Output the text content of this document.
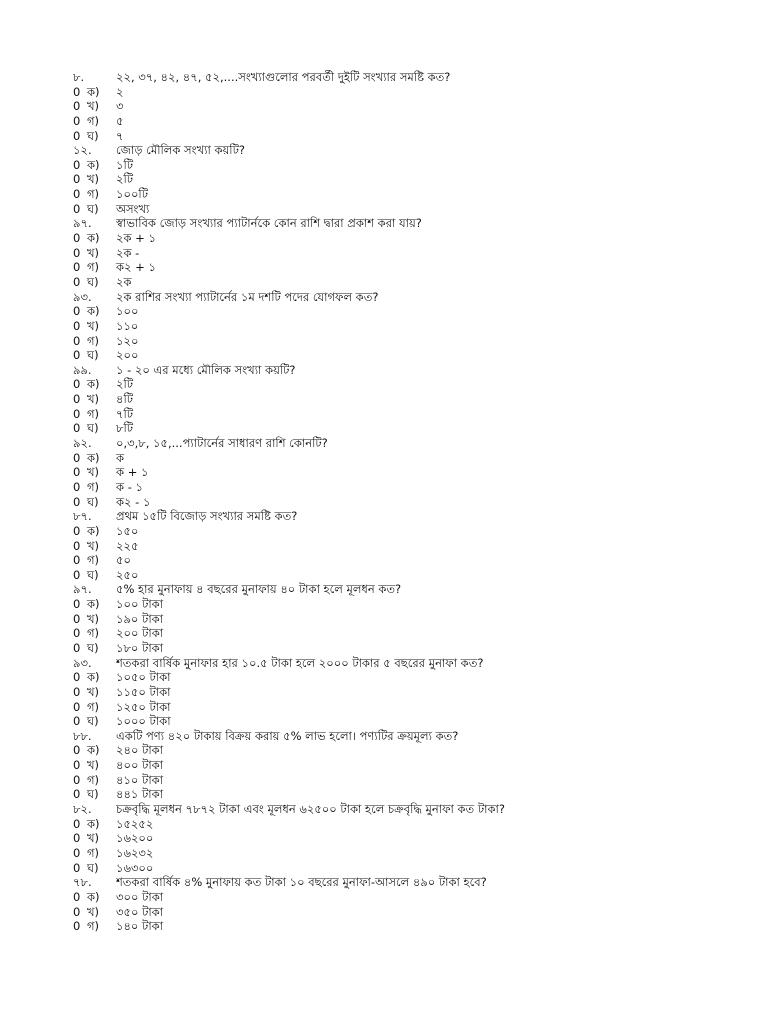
৮.	২২, ৩৭, ৪২, ৪৭, ৫২,....সংখ্যাগুলোর পরবর্তী দুইটি সংখ্যার সমষ্টি কত?
0 ক) ২
0 খ) ৩
0 গ) ৫
0 ঘ) ৭
১২. জোড় মৌলিক সংখ্যা কয়টি?
0 ক) ১টি
0 খ) ২টি
0 গ) ১০০টি
0 ঘ) অসংখ্য
৯৭. স্বাভাবিক জোড় সংখ্যার প্যাটার্নকে কোন রাশি দ্বারা প্রকাশ করা যায়?
0 ক) ২ক + ১
0 খ) ২ক -
0 গ) ক২ + ১
0 ঘ) ২ক
৯৩. ২ক রাশির সংখ্যা প্যাটার্নের ১ম দশটি পদের যোগফল কত?
0 ক) ১০০
0 খ) ১১০
0 গ) ১২০
0 ঘ) ২০০
৯৯. ১ - ২০ এর মধ্যে মৌলিক সংখ্যা কয়টি?
0 ক) ২টি
0 খ) ৪টি
0 গ) ৭টি
0 ঘ) ৮টি
৯২. ০,৩,৮, ১৫,...প্যাটার্নের সাধারণ রাশি কোনটি?
0 ক) ক
0 খ) ক + ১
0 গ) ক - ১
0 ঘ) ক২ - ১
৮৭. প্রথম ১৫টি বিজোড় সংখ্যার সমষ্টি কত?
0 ক) ১৫০
0 খ) ২২৫
0 গ) ৫০
0 ঘ) ২৫০
৯৭. ৫% হার মুনাফায় ৪ বছরের মুনাফায় ৪০ টাকা হলে মূলধন কত?
0 ক) ১০০ টাকা
0 খ) ১৯০ টাকা
0 গ) ২০০ টাকা
0 ঘ) ১৮০ টাকা
৯৩. শতকরা বার্ষিক মুনাফার হার ১০.৫ টাকা হলে ২০০০ টাকার ৫ বছরের মুনাফা কত?
0 ক) ১০৫০ টাকা
0 খ) ১১৫০ টাকা
0 গ) ১২৫০ টাকা
0 ঘ) ১০০০ টাকা
৮৮. একটি পণ্য ৪২০ টাকায় বিক্রয় করায় ৫% লাভ হলো। পণ্যটির ক্রয়মূল্য কত?
0 ক) ২৪০ টাকা
0 খ) ৪০০ টাকা
0 গ) ৪১০ টাকা
0 ঘ) ৪৪১ টাকা
৮২. চক্রবৃদ্ধি মূলধন ৭৮৭২ টাকা এবং মূলধন ৬২৫০০ টাকা হলে চক্রবৃদ্ধি মুনাফা কত টাকা?
0 ক) ১৫২৫২
0 খ) ১৬২০০
0 গ) ১৬২৩২
0 ঘ) ১৬৩০০
৭৮. শতকরা বার্ষিক ৪% মুনাফায় কত টাকা ১০ বছরের মুনাফা-আসলে ৪৯০ টাকা হবে?
0 ক) ৩০০ টাকা
0 খ) ৩৫০ টাকা
0 গ) ১৪০ টাকা
